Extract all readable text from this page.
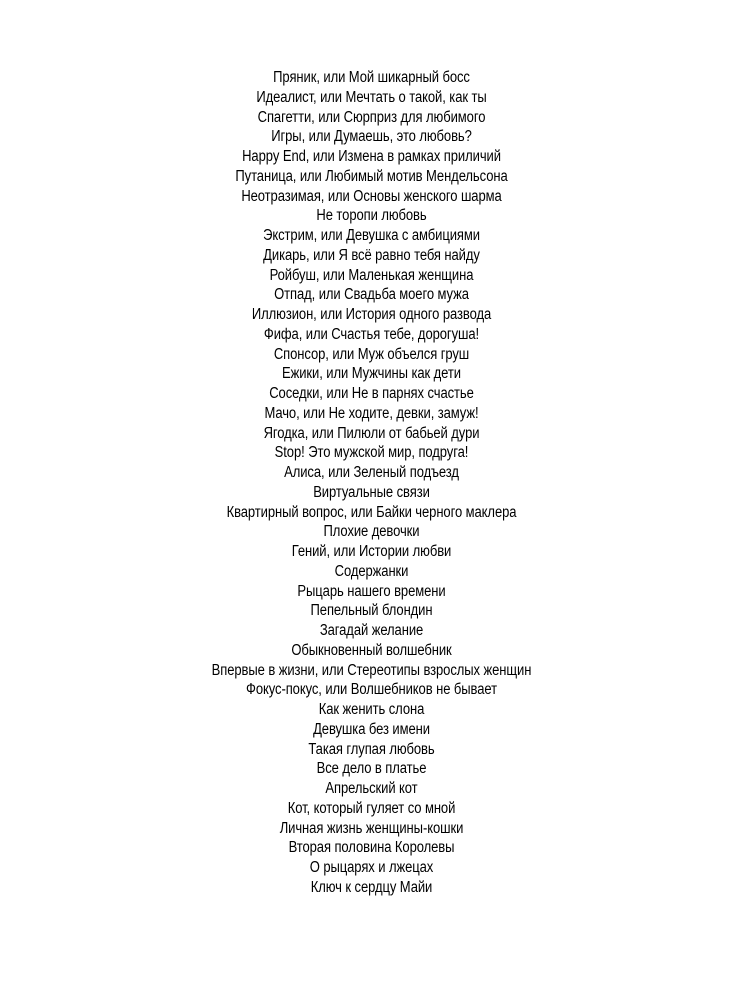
Пряник, или Мой шикарный босс
Идеалист, или Мечтать о такой, как ты
Спагетти, или Сюрприз для любимого
Игры, или Думаешь, это любовь?
Happy End, или Измена в рамках приличий
Путаница, или Любимый мотив Мендельсона
Неотразимая, или Основы женского шарма
Не торопи любовь
Экстрим, или Девушка с амбициями
Дикарь, или Я всё равно тебя найду
Ройбуш, или Маленькая женщина
Отпад, или Свадьба моего мужа
Иллюзион, или История одного развода
Фифа, или Счастья тебе, дорогуша!
Спонсор, или Муж объелся груш
Ежики, или Мужчины как дети
Соседки, или Не в парнях счастье
Мачо, или Не ходите, девки, замуж!
Ягодка, или Пилюли от бабьей дури
Stop! Это мужской мир, подруга!
Алиса, или Зеленый подъезд
Виртуальные связи
Квартирный вопрос, или Байки черного маклера
Плохие девочки
Гений, или Истории любви
Содержанки
Рыцарь нашего времени
Пепельный блондин
Загадай желание
Обыкновенный волшебник
Впервые в жизни, или Стереотипы взрослых женщин
Фокус-покус, или Волшебников не бывает
Как женить слона
Девушка без имени
Такая глупая любовь
Все дело в платье
Апрельский кот
Кот, который гуляет со мной
Личная жизнь женщины-кошки
Вторая половина Королевы
О рыцарях и лжецах
Ключ к сердцу Майи
